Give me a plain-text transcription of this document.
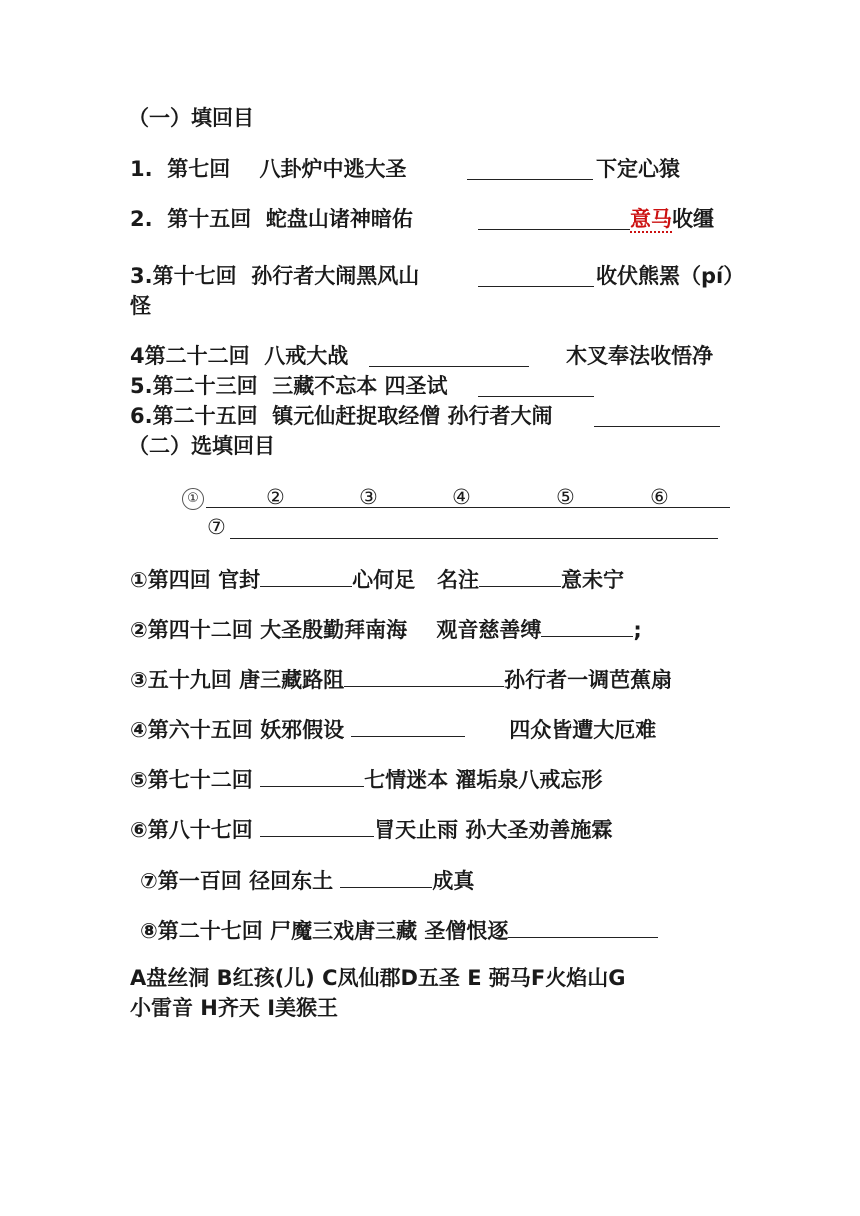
（一）填回目
1. 第七回 八卦炉中逃大圣	下定心猿
2. 第十五回 蛇盘山诸神暗佑	意马收缰
3.第十七回 孙行者大闹黑风山	收伏熊罴（pí）
怪
4第二十二回 八戒大战	木叉奉法收悟净
5.第二十三回 三藏不忘本 四圣试
6.第二十五回 镇元仙赶捉取经僧 孙行者大闹
（二）选填回目
①	②	③	④	⑤	⑥
⑦
①第四回 官封	心何足 名注	意未宁
②第四十二回 大圣殷勤拜南海 观音慈善缚	;
③五十九回 唐三藏路阻	孙行者一调芭蕉扇
④第六十五回 妖邪假设	四众皆遭大厄难
⑤第七十二回	七情迷本 濯垢泉八戒忘形
⑥第八十七回	冒天止雨 孙大圣劝善施霖
⑦第一百回 径回东土	成真
⑧第二十七回 尸魔三戏唐三藏 圣僧恨逐
A盘丝洞 B红孩(儿) C凤仙郡D五圣 E 弼马F火焰山G
小雷音 H齐天 I美猴王
